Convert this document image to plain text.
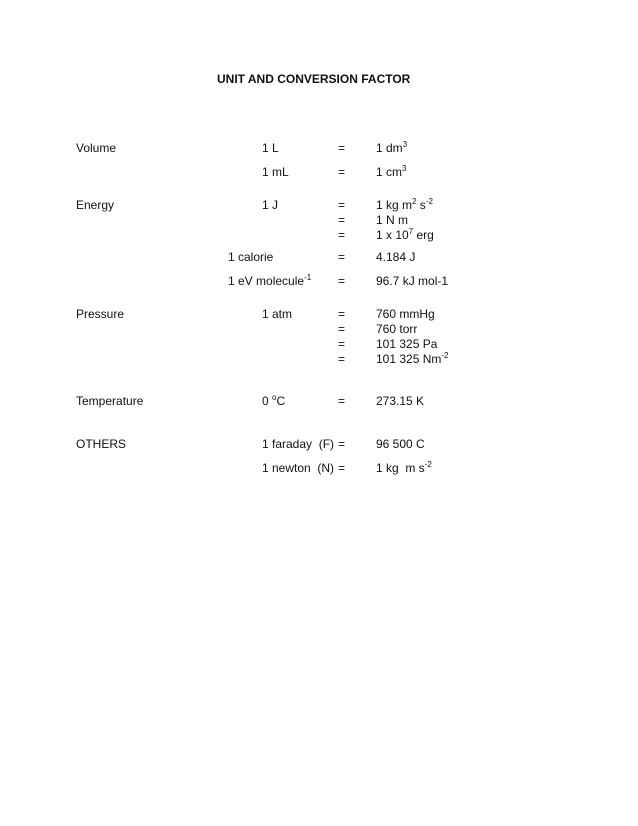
UNIT AND CONVERSION FACTOR
Volume	1 L	=	1 $dm^3$
1 mL	=	1 $cm^3$
Energy	1 J	=	1 kg $m^2$ $s^{-2}$
=	1 N m
=	1 x $10^7$ erg
1 calorie	=	4.184 J
1 eV molecule$^{-1}$ =	96.7 kJ mol-1
Pressure	1 atm	=	760 mmHg
=	760 torr
=	101 325 Pa
=	101 325 $Nm^{-2}$
Temperature	0 $^o$C	=	273.15 K
OTHERS	1 faraday  (F) =	96 500 C
1 newton  (N) =	1 kg  m $s^{-2}$
